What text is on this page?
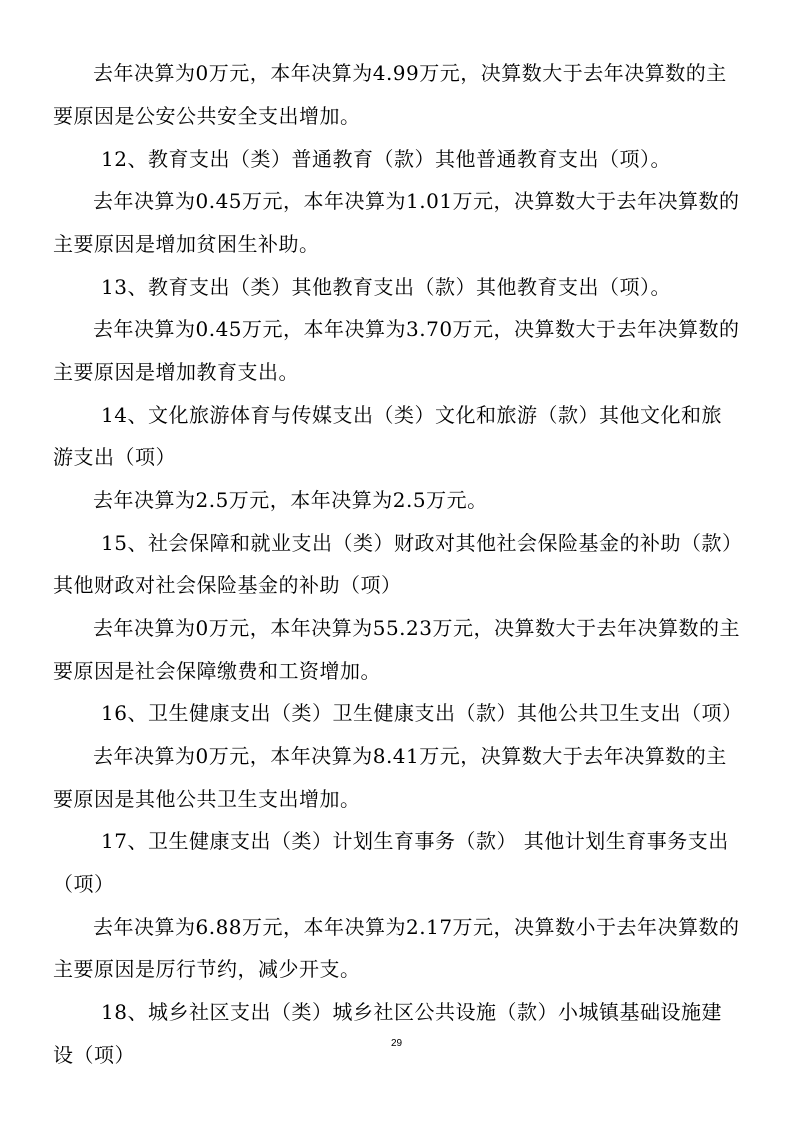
去年决算为0万元，本年决算为4.99万元，决算数大于去年决算数的主
要原因是公安公共安全支出增加。
12、教育支出（类）普通教育（款）其他普通教育支出（项）。
去年决算为0.45万元，本年决算为1.01万元，决算数大于去年决算数的
主要原因是增加贫困生补助。
13、教育支出（类）其他教育支出（款）其他教育支出（项）。
去年决算为0.45万元，本年决算为3.70万元，决算数大于去年决算数的
主要原因是增加教育支出。
14、文化旅游体育与传媒支出（类）文化和旅游（款）其他文化和旅
游支出（项）
去年决算为2.5万元，本年决算为2.5万元。
15、社会保障和就业支出（类）财政对其他社会保险基金的补助（款）
其他财政对社会保险基金的补助（项）
去年决算为0万元，本年决算为55.23万元，决算数大于去年决算数的主
要原因是社会保障缴费和工资增加。
16、卫生健康支出（类）卫生健康支出（款）其他公共卫生支出（项）
去年决算为0万元，本年决算为8.41万元，决算数大于去年决算数的主
要原因是其他公共卫生支出增加。
17、卫生健康支出（类）计划生育事务（款） 其他计划生育事务支出
（项）
去年决算为6.88万元，本年决算为2.17万元，决算数小于去年决算数的
主要原因是厉行节约，减少开支。
18、城乡社区支出（类）城乡社区公共设施（款）小城镇基础设施建
设（项）	29
